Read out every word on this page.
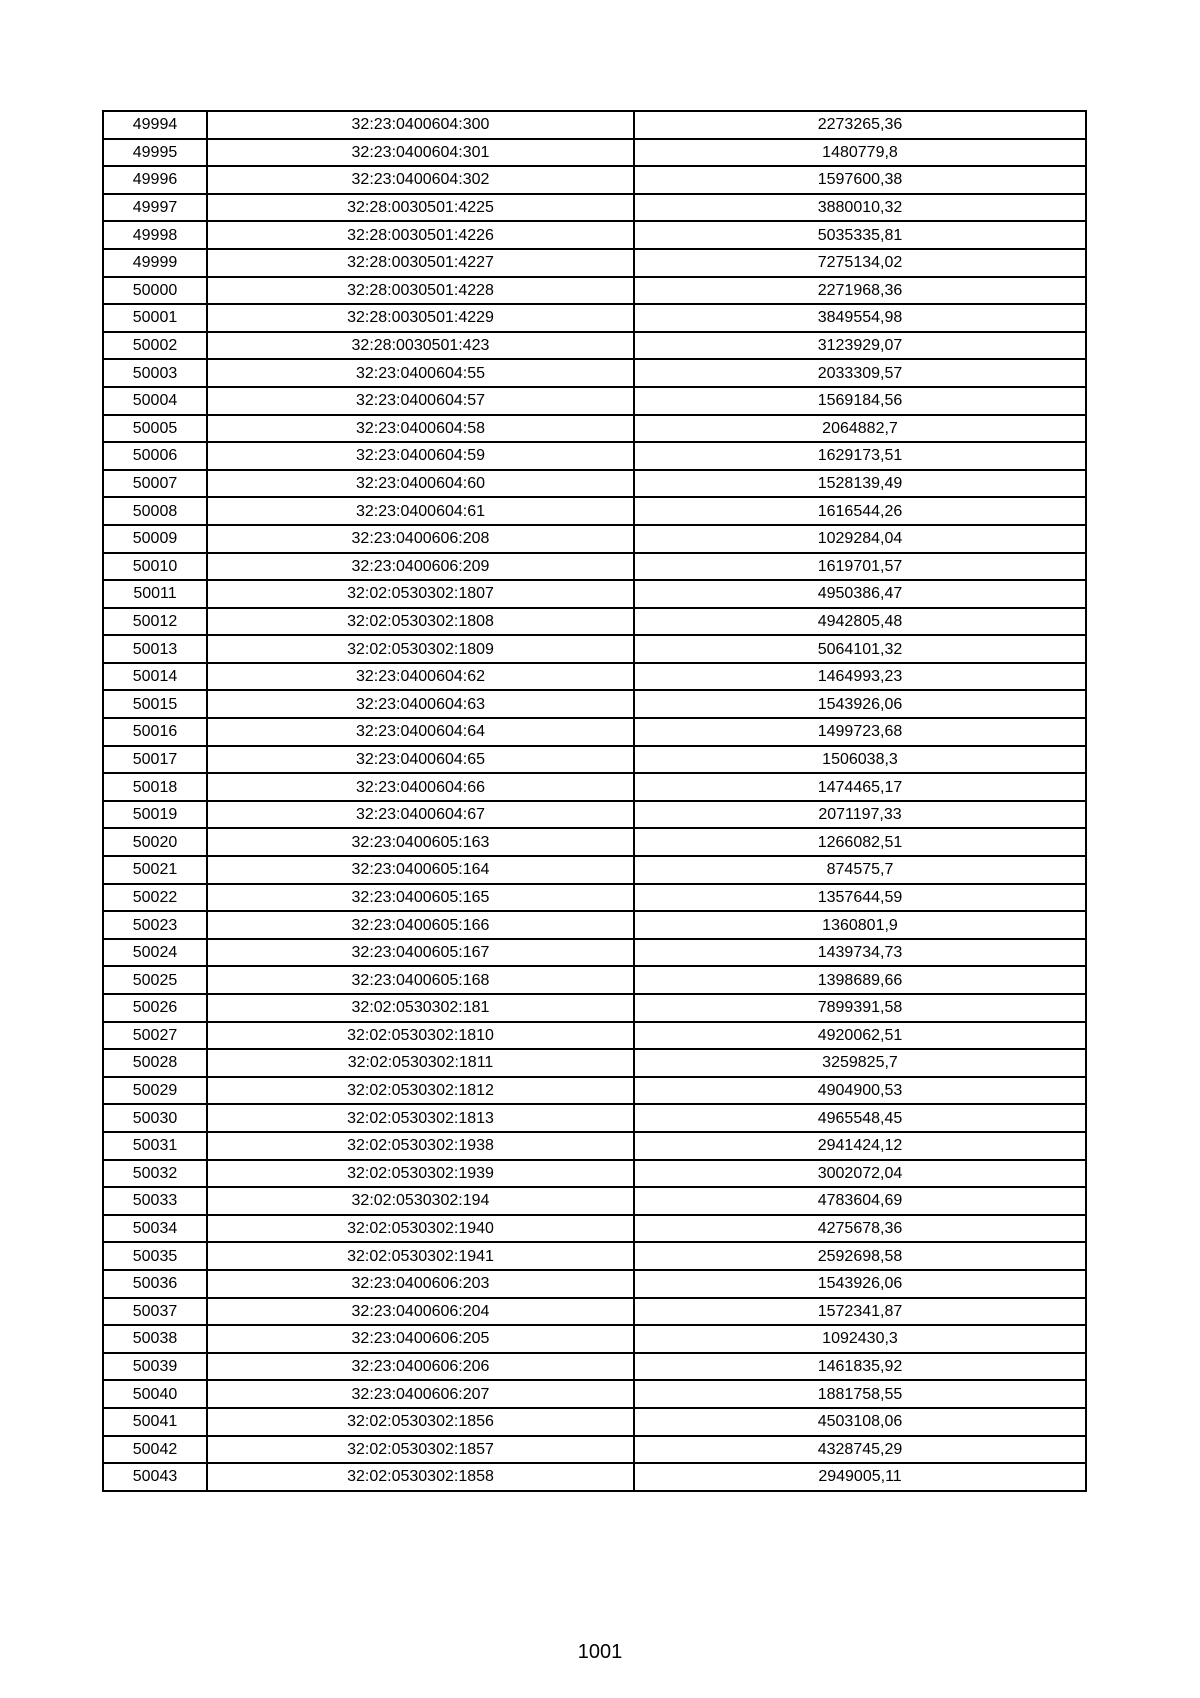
49994	32:23:0400604:300	2273265,36
49995	32:23:0400604:301	1480779,8
49996	32:23:0400604:302	1597600,38
49997	32:28:0030501:4225	3880010,32
49998	32:28:0030501:4226	5035335,81
49999	32:28:0030501:4227	7275134,02
50000	32:28:0030501:4228	2271968,36
50001	32:28:0030501:4229	3849554,98
50002	32:28:0030501:423	3123929,07
50003	32:23:0400604:55	2033309,57
50004	32:23:0400604:57	1569184,56
50005	32:23:0400604:58	2064882,7
50006	32:23:0400604:59	1629173,51
50007	32:23:0400604:60	1528139,49
50008	32:23:0400604:61	1616544,26
50009	32:23:0400606:208	1029284,04
50010	32:23:0400606:209	1619701,57
50011	32:02:0530302:1807	4950386,47
50012	32:02:0530302:1808	4942805,48
50013	32:02:0530302:1809	5064101,32
50014	32:23:0400604:62	1464993,23
50015	32:23:0400604:63	1543926,06
50016	32:23:0400604:64	1499723,68
50017	32:23:0400604:65	1506038,3
50018	32:23:0400604:66	1474465,17
50019	32:23:0400604:67	2071197,33
50020	32:23:0400605:163	1266082,51
50021	32:23:0400605:164	874575,7
50022	32:23:0400605:165	1357644,59
50023	32:23:0400605:166	1360801,9
50024	32:23:0400605:167	1439734,73
50025	32:23:0400605:168	1398689,66
50026	32:02:0530302:181	7899391,58
50027	32:02:0530302:1810	4920062,51
50028	32:02:0530302:1811	3259825,7
50029	32:02:0530302:1812	4904900,53
50030	32:02:0530302:1813	4965548,45
50031	32:02:0530302:1938	2941424,12
50032	32:02:0530302:1939	3002072,04
50033	32:02:0530302:194	4783604,69
50034	32:02:0530302:1940	4275678,36
50035	32:02:0530302:1941	2592698,58
50036	32:23:0400606:203	1543926,06
50037	32:23:0400606:204	1572341,87
50038	32:23:0400606:205	1092430,3
50039	32:23:0400606:206	1461835,92
50040	32:23:0400606:207	1881758,55
50041	32:02:0530302:1856	4503108,06
50042	32:02:0530302:1857	4328745,29
50043	32:02:0530302:1858	2949005,11
1001
